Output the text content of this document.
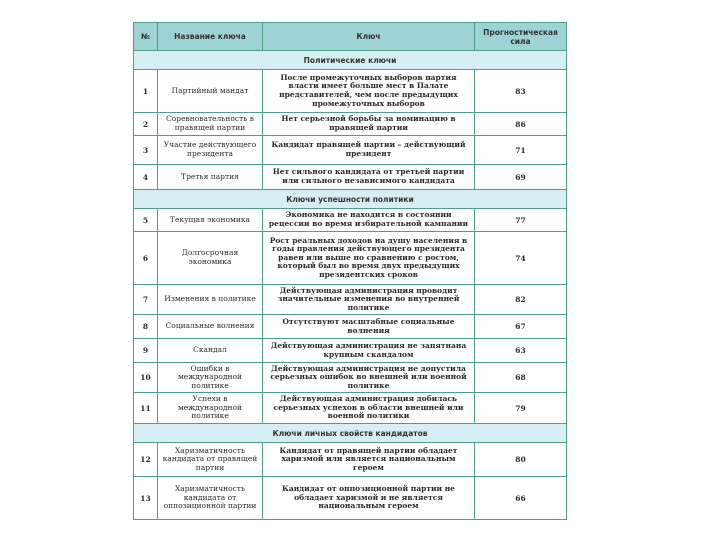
№	Название ключа	Ключ	Прогностическая сила
Политические ключи			
1	Партийный мандат	После промежуточных выборов партия власти имеет больше мест в Палате представителей, чем после предыдущих промежуточных выборов	83
2	Соревновательность в правящей партии	Нет серьезной борьбы за номинацию в правящей партии	86
3	Участие действующего президента	Кандидат правящей партии – действующий президент	71
4	Третья партия	Нет сильного кандидата от третьей партии или сильного независимого кандидата	69
Ключи успешности политики			
5	Текущая экономика	Экономика не находится в состоянии рецессии во время избирательной кампании	77
6	Долгосрочная экономика	Рост реальных доходов на душу населения в годы правления действующего президента равен или выше по сравнению с ростом, который был во время двух предыдущих президентских сроков	74
7	Изменения в политике	Действующая администрация проводит значительные изменения во внутренней политике	82
8	Социальные волнения	Отсутствуют масштабные социальные волнения	67
9	Скандал	Действующая администрация не запятнана крупным скандалом	63
10	Ошибки в международной политике	Действующая администрация не допустила серьезных ошибок во внешней или военной политике	68
11	Успехи в международной политике	Действующая администрация добилась серьезных успехов в области внешней или военной политики	79
Ключи личных свойств кандидатов			
12	Харизматичность кандидата от правящей партии	Кандидат от правящей партии обладает харизмой или является национальным героем	80
13	Харизматичность кандидата от оппозиционной партии	Кандидат от оппозиционной партии не обладает харизмой и не является национальным героем	66
